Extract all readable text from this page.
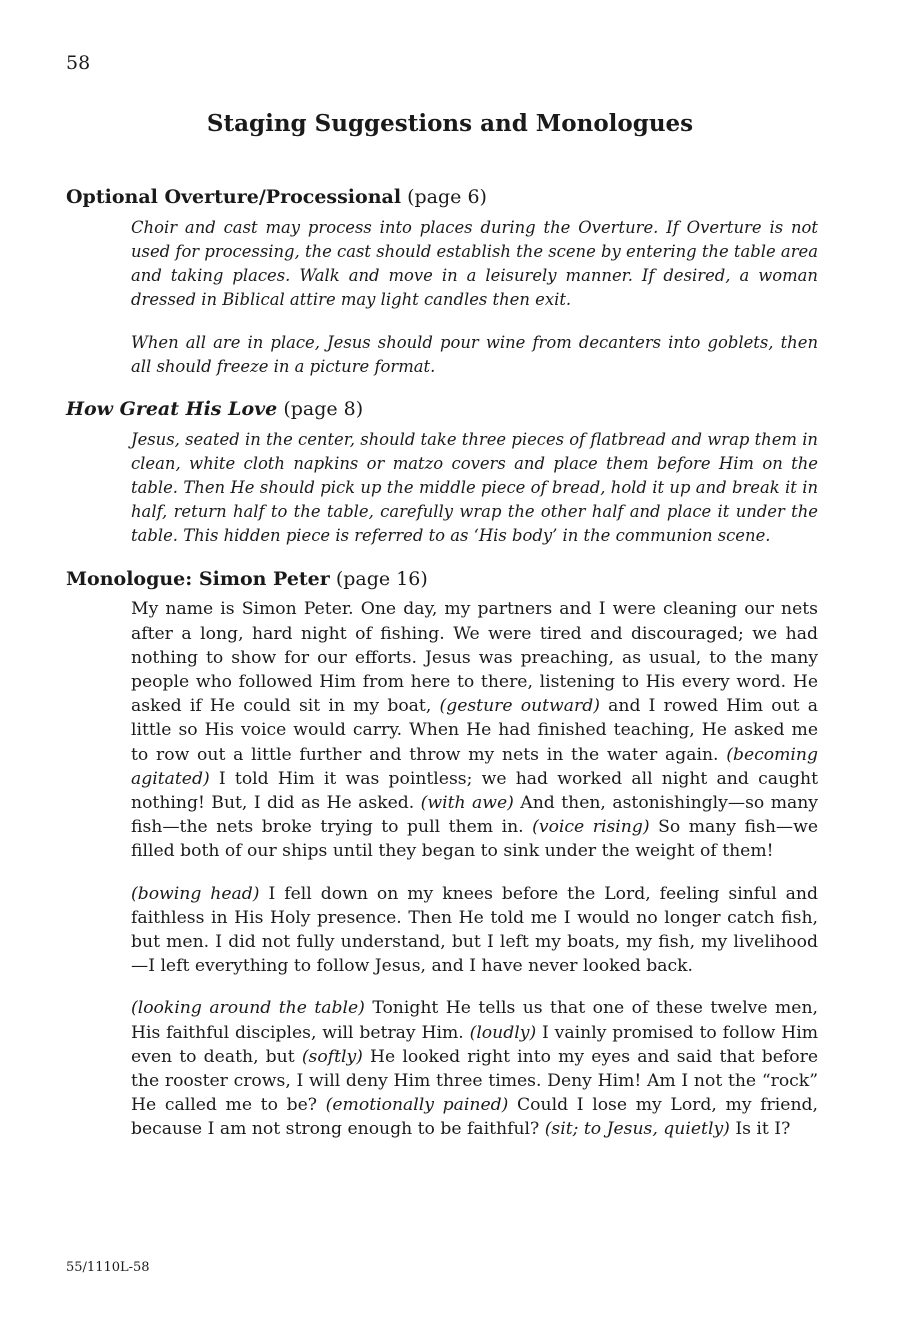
58
Staging Suggestions and Monologues
Optional Overture/Processional (page 6)

Choir and cast may process into places during the Overture. If Overture is not used for processing, the cast should establish the scene by entering the table area and taking places. Walk and move in a leisurely manner. If desired, a woman dressed in Biblical attire may light candles then exit.

When all are in place, Jesus should pour wine from decanters into goblets, then all should freeze in a picture format.

How Great His Love (page 8)

Jesus, seated in the center, should take three pieces of flatbread and wrap them in clean, white cloth napkins or matzo covers and place them before Him on the table. Then He should pick up the middle piece of bread, hold it up and break it in half, return half to the table, carefully wrap the other half and place it under the table. This hidden piece is referred to as ‘His body’ in the communion scene.

Monologue: Simon Peter (page 16)

My name is Simon Peter. One day, my partners and I were cleaning our nets after a long, hard night of fishing. We were tired and discouraged; we had nothing to show for our efforts. Jesus was preaching, as usual, to the many people who followed Him from here to there, listening to His every word. He asked if He could sit in my boat, (gesture outward) and I rowed Him out a little so His voice would carry. When He had finished teaching, He asked me to row out a little further and throw my nets in the water again. (becoming agitated) I told Him it was pointless; we had worked all night and caught nothing! But, I did as He asked. (with awe) And then, astonishingly—so many fish—the nets broke trying to pull them in. (voice rising) So many fish—we filled both of our ships until they began to sink under the weight of them!

(bowing head) I fell down on my knees before the Lord, feeling sinful and faithless in His Holy presence. Then He told me I would no longer catch fish, but men. I did not fully understand, but I left my boats, my fish, my livelihood—I left everything to follow Jesus, and I have never looked back.

(looking around the table) Tonight He tells us that one of these twelve men, His faithful disciples, will betray Him. (loudly) I vainly promised to follow Him even to death, but (softly) He looked right into my eyes and said that before the rooster crows, I will deny Him three times. Deny Him! Am I not the “rock” He called me to be? (emotionally pained) Could I lose my Lord, my friend, because I am not strong enough to be faithful? (sit; to Jesus, quietly) Is it I?

55/1110L-58
